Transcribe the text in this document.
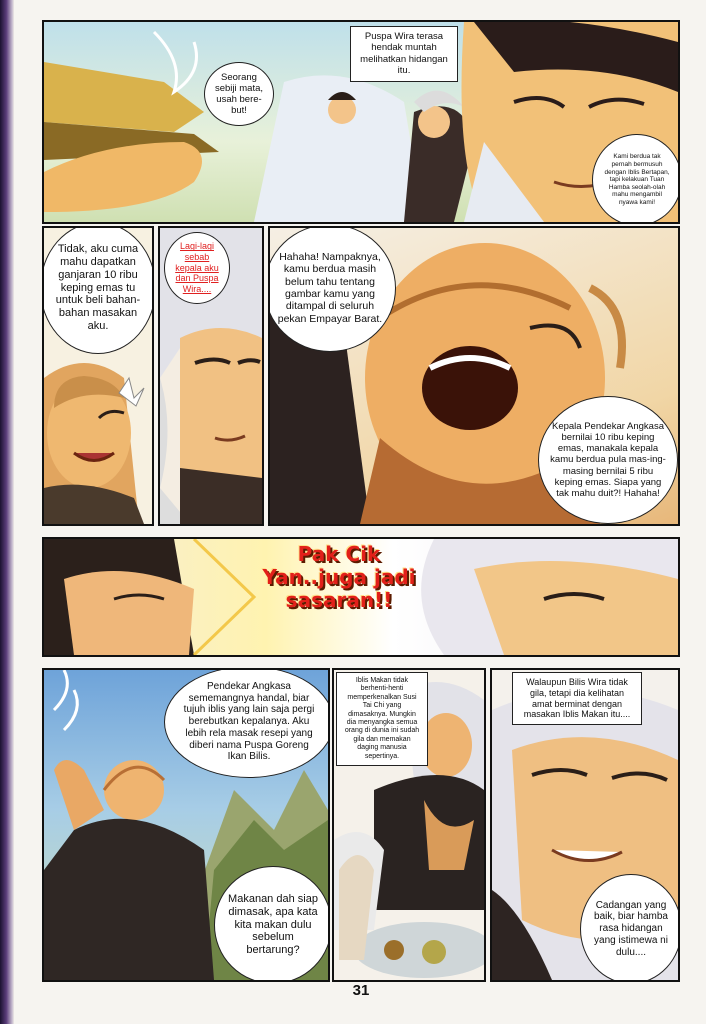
Puspa Wira terasa hendak muntah melihatkan hidangan itu.
Seorang sebiji mata, usah bere-but!
Kami berdua tak pernah bermusuh dengan Iblis Bertapan, tapi kelakuan Tuan Hamba seolah-olah mahu mengambil nyawa kami!
Tidak, aku cuma mahu dapatkan ganjaran 10 ribu keping emas tu untuk beli bahan-bahan masakan aku.
Lagi-lagi sebab kepala aku dan Puspa Wira....
Hahaha! Nampaknya, kamu berdua masih belum tahu tentang gambar kamu yang ditampal di seluruh pekan Empayar Barat.
Kepala Pendekar Angkasa bernilai 10 ribu keping emas, manakala kepala kamu berdua pula mas-ing-masing bernilai 5 ribu keping emas. Siapa yang tak mahu duit?! Hahaha!
Pak Cik
Yan..juga jadi
sasaran!!
Pendekar Angkasa sememangnya handal, biar tujuh iblis yang lain saja pergi berebutkan kepalanya. Aku lebih rela masak resepi yang diberi nama Puspa Goreng Ikan Bilis.
Makanan dah siap dimasak, apa kata kita makan dulu sebelum bertarung?
Iblis Makan tidak berhenti-henti memperkenalkan Susi Tai Chi yang dimasaknya. Mungkin dia menyangka semua orang di dunia ini sudah gila dan memakan daging manusia sepertinya.
Walaupun Bilis Wira tidak gila, tetapi dia kelihatan amat berminat dengan masakan Iblis Makan itu....
Cadangan yang baik, biar hamba rasa hidangan yang istimewa ni dulu....
31
